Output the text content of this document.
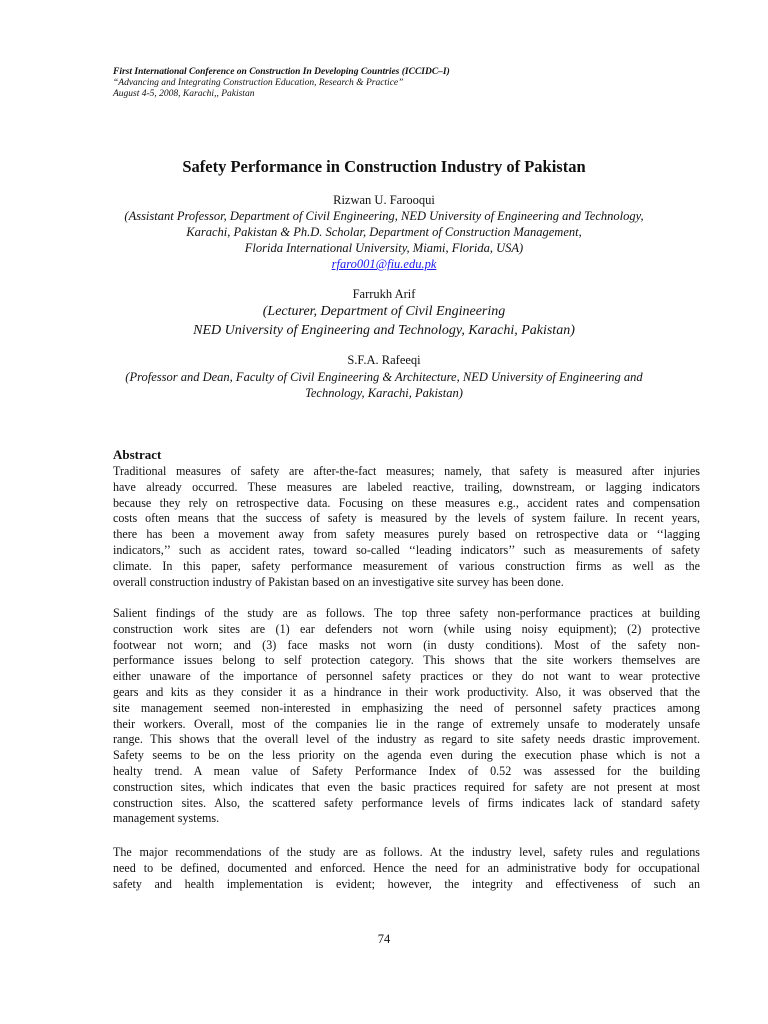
First International Conference on Construction In Developing Countries (ICCIDC–I)
“Advancing and Integrating Construction Education, Research & Practice”
August 4-5, 2008, Karachi,, Pakistan
Safety Performance in Construction Industry of Pakistan
Rizwan U. Farooqui
(Assistant Professor, Department of Civil Engineering, NED University of Engineering and Technology,
Karachi, Pakistan & Ph.D. Scholar, Department of Construction Management,
Florida International University, Miami, Florida, USA)
rfaro001@fiu.edu.pk
Farrukh Arif
(Lecturer, Department of Civil Engineering
NED University of Engineering and Technology, Karachi, Pakistan)
S.F.A. Rafeeqi
(Professor and Dean, Faculty of Civil Engineering & Architecture, NED University of Engineering and
Technology, Karachi, Pakistan)
Abstract
Traditional measures of safety are after-the-fact measures; namely, that safety is measured after injuries
have already occurred. These measures are labeled reactive, trailing, downstream, or lagging indicators
because they rely on retrospective data. Focusing on these measures e.g., accident rates and compensation
costs often means that the success of safety is measured by the levels of system failure. In recent years,
there has been a movement away from safety measures purely based on retrospective data or ‘‘lagging
indicators,’’ such as accident rates, toward so-called ‘‘leading indicators’’ such as measurements of safety
climate. In this paper, safety performance measurement of various construction firms as well as the
overall construction industry of Pakistan based on an investigative site survey has been done.
Salient findings of the study are as follows. The top three safety non-performance practices at building
construction work sites are (1) ear defenders not worn (while using noisy equipment); (2) protective
footwear not worn; and (3) face masks not worn (in dusty conditions). Most of the safety non-
performance issues belong to self protection category. This shows that the site workers themselves are
either unaware of the importance of personnel safety practices or they do not want to wear protective
gears and kits as they consider it as a hindrance in their work productivity. Also, it was observed that the
site management seemed non-interested in emphasizing the need of personnel safety practices among
their workers. Overall, most of the companies lie in the range of extremely unsafe to moderately unsafe
range. This shows that the overall level of the industry as regard to site safety needs drastic improvement.
Safety seems to be on the less priority on the agenda even during the execution phase which is not a
healty trend. A mean value of Safety Performance Index of 0.52 was assessed for the building
construction sites, which indicates that even the basic practices required for safety are not present at most
construction sites. Also, the scattered safety performance levels of firms indicates lack of standard safety
management systems.
The major recommendations of the study are as follows. At the industry level, safety rules and regulations
need to be defined, documented and enforced. Hence the need for an administrative body for occupational
safety and health implementation is evident; however, the integrity and effectiveness of such an
74
